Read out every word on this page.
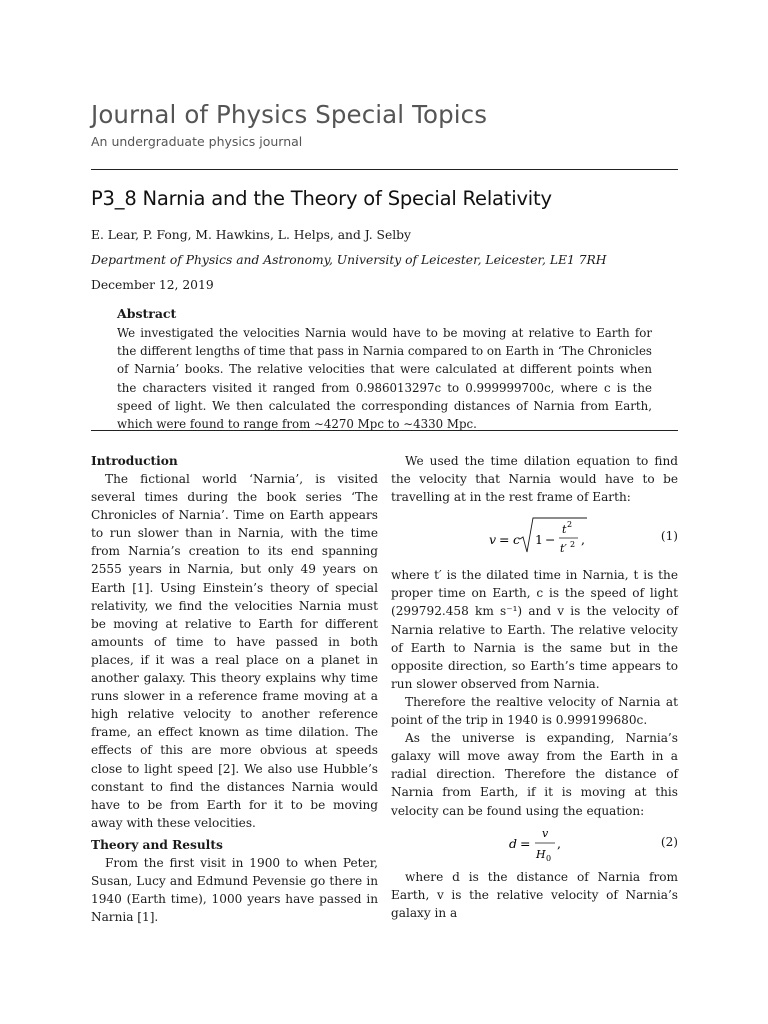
Journal of Physics Special Topics
An undergraduate physics journal
P3_8 Narnia and the Theory of Special Relativity
E. Lear, P. Fong, M. Hawkins, L. Helps, and J. Selby
Department of Physics and Astronomy, University of Leicester, Leicester, LE1 7RH
December 12, 2019
Abstract

We investigated the velocities Narnia would have to be moving at relative to Earth for the different lengths of time that pass in Narnia compared to on Earth in ‘The Chronicles of Narnia’ books. The relative velocities that were calculated at different points when the characters visited it ranged from 0.986013297c to 0.999999700c, where c is the speed of light. We then calculated the corresponding distances of Narnia from Earth, which were found to range from ∼4270 Mpc to ∼4330 Mpc.

Introduction

The fictional world ‘Narnia’, is visited several times during the book series ‘The Chronicles of Narnia’. Time on Earth appears to run slower than in Narnia, with the time from Narnia’s creation to its end spanning 2555 years in Narnia, but only 49 years on Earth [1]. Using Einstein’s theory of special relativity, we find the velocities Narnia must be moving at relative to Earth for different amounts of time to have passed in both places, if it was a real place on a planet in another galaxy. This theory explains why time runs slower in a reference frame moving at a high relative velocity to another reference frame, an effect known as time dilation. The effects of this are more obvious at speeds close to light speed [2]. We also use Hubble’s constant to find the distances Narnia would have to be from Earth for it to be moving away with these velocities.

Theory and Results

From the first visit in 1900 to when Peter, Susan, Lucy and Edmund Pevensie go there in 1940 (Earth time), 1000 years have passed in Narnia [1].

We used the time dilation equation to find the velocity that Narnia would have to be travelling at in the rest frame of Earth:

v = c 1 −
t 2
t′ 2 ,	(1)

where t′ is the dilated time in Narnia, t is the proper time on Earth, c is the speed of light (299792.458 km s⁻¹) and v is the velocity of Narnia relative to Earth. The relative velocity of Earth to Narnia is the same but in the opposite direction, so Earth’s time appears to run slower observed from Narnia.

Therefore the realtive velocity of Narnia at point of the trip in 1940 is 0.999199680c.

As the universe is expanding, Narnia’s galaxy will move away from the Earth in a radial direction. Therefore the distance of Narnia from Earth, if it is moving at this velocity can be found using the equation:

d =
v
H 0
,	(2)

where d is the distance of Narnia from Earth, v is the relative velocity of Narnia’s galaxy in a
